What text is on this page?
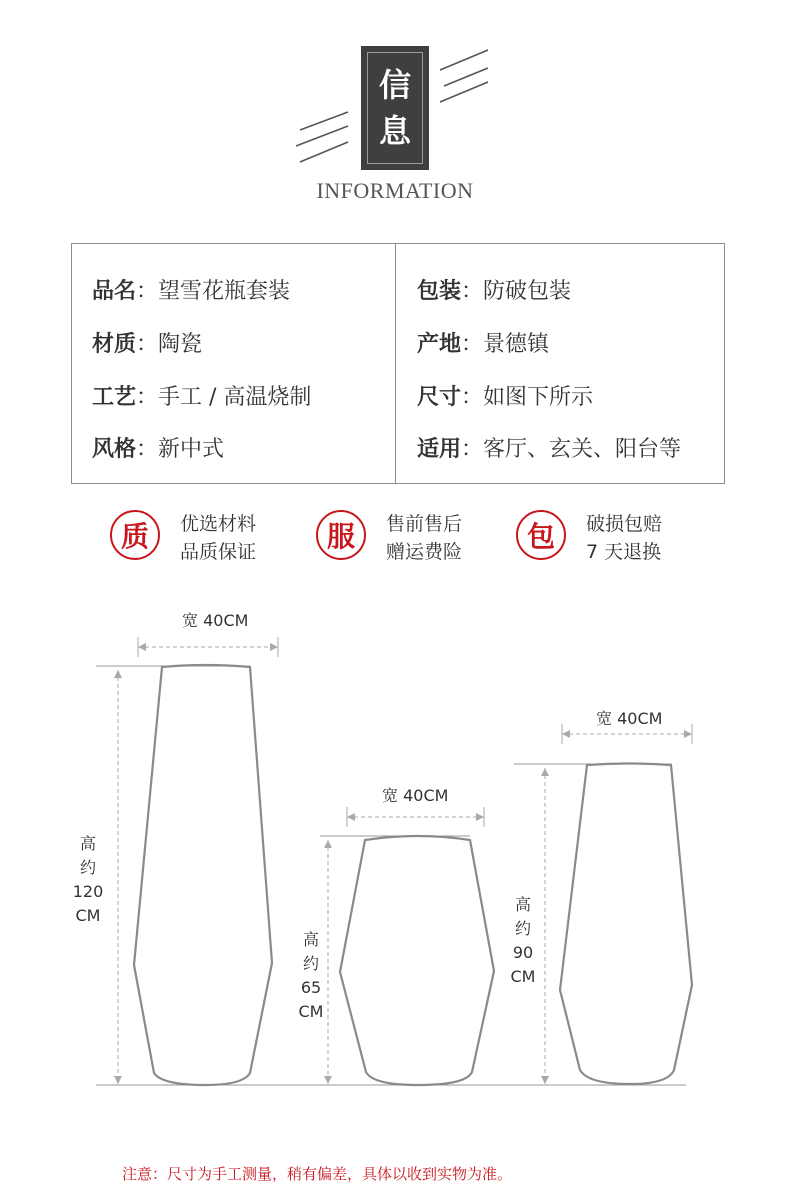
信
息
INFORMATION
品名：望雪花瓶套装
材质：陶瓷
工艺：手工 / 高温烧制
风格：新中式
包装：防破包装
产地：景德镇
尺寸：如图下所示
适用：客厅、玄关、阳台等
质	优选材料
品质保证	服	售前售后
赠运费险	包	破损包赔
7 天退换
宽 40CM
宽 40CM
宽 40CM
高
约
120
CM
高
约
65
CM
高
约
90
CM
注意：尺寸为手工测量，稍有偏差，具体以收到实物为准。
